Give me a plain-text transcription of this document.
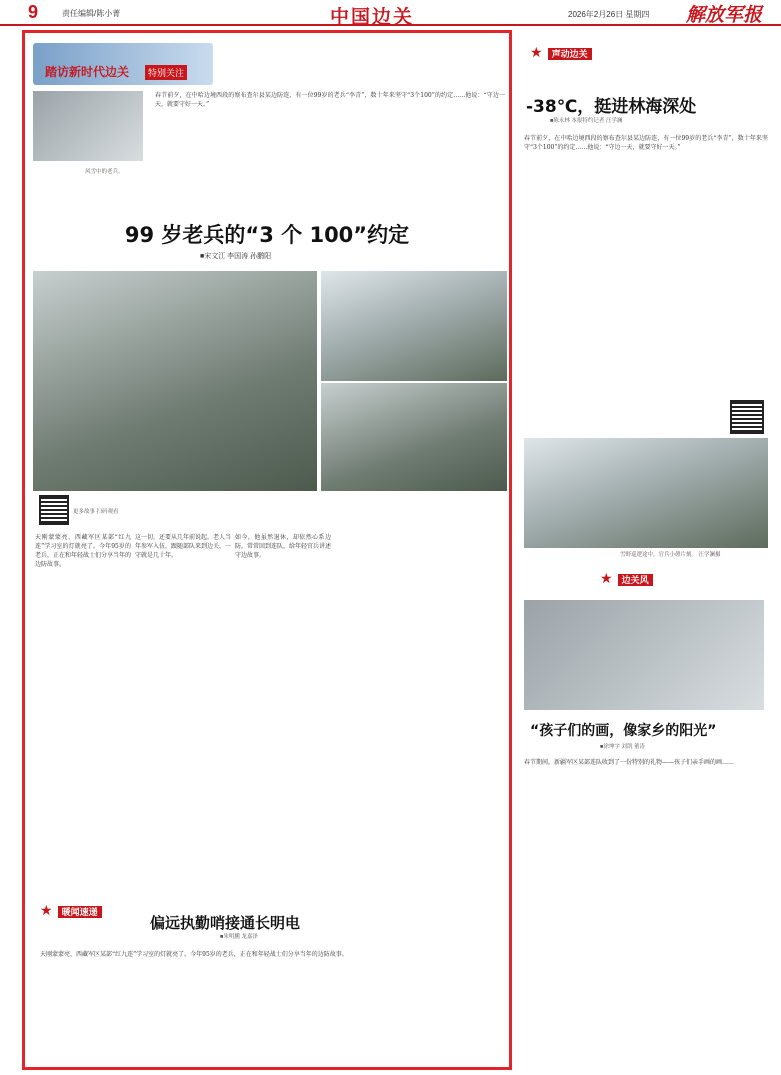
9	责任编辑/陈小菁	中国边关	2026年2月26日 星期四 解放军报
踏访新时代边关	特别关注
风雪中的老兵。
春节前夕，在中哈边境西段的察布查尔县某边防连，有一位99岁的老兵“李青”，数十年来坚守“3个100”的约定……他说：“守边一天，就要守好一天。”
99 岁老兵的“3 个 100”约定
■宋文江 李国涛 孙鹏阳
更多故事 扫码观看
天刚蒙蒙亮，西藏军区某部“红九连”学习室的灯就亮了。今年95岁的老兵，正在和年轻战士们分享当年的边防故事。
这一切，还要从几年前说起。老人当年参军入伍，跟随部队来到边关，一守就是几十年。
如今，他虽然退休，却依然心系边防，常常回到连队，给年轻官兵讲述守边故事。
★ 声动边关
-38℃，挺进林海深处
■陈永林 本报特约记者 汪学澜
春节前夕，在中哈边境西段的察布查尔县某边防连，有一位99岁的老兵“李青”，数十年来坚守“3个100”的约定……他说：“守边一天，就要守好一天。”
雪野巡逻途中，官兵小憩片刻。 汪学澜摄
★ 边关风
“孩子们的画，像家乡的阳光”
■徐坤宇 刘凯 董涛
春节期间，新疆军区某部连队收到了一份特别的礼物——孩子们亲手画的画……
★ 暖闻速递
偏远执勤哨接通长明电
■朱明鹏 龙嘉泽
天刚蒙蒙亮，西藏军区某部“红九连”学习室的灯就亮了。今年95岁的老兵，正在和年轻战士们分享当年的边防故事。
